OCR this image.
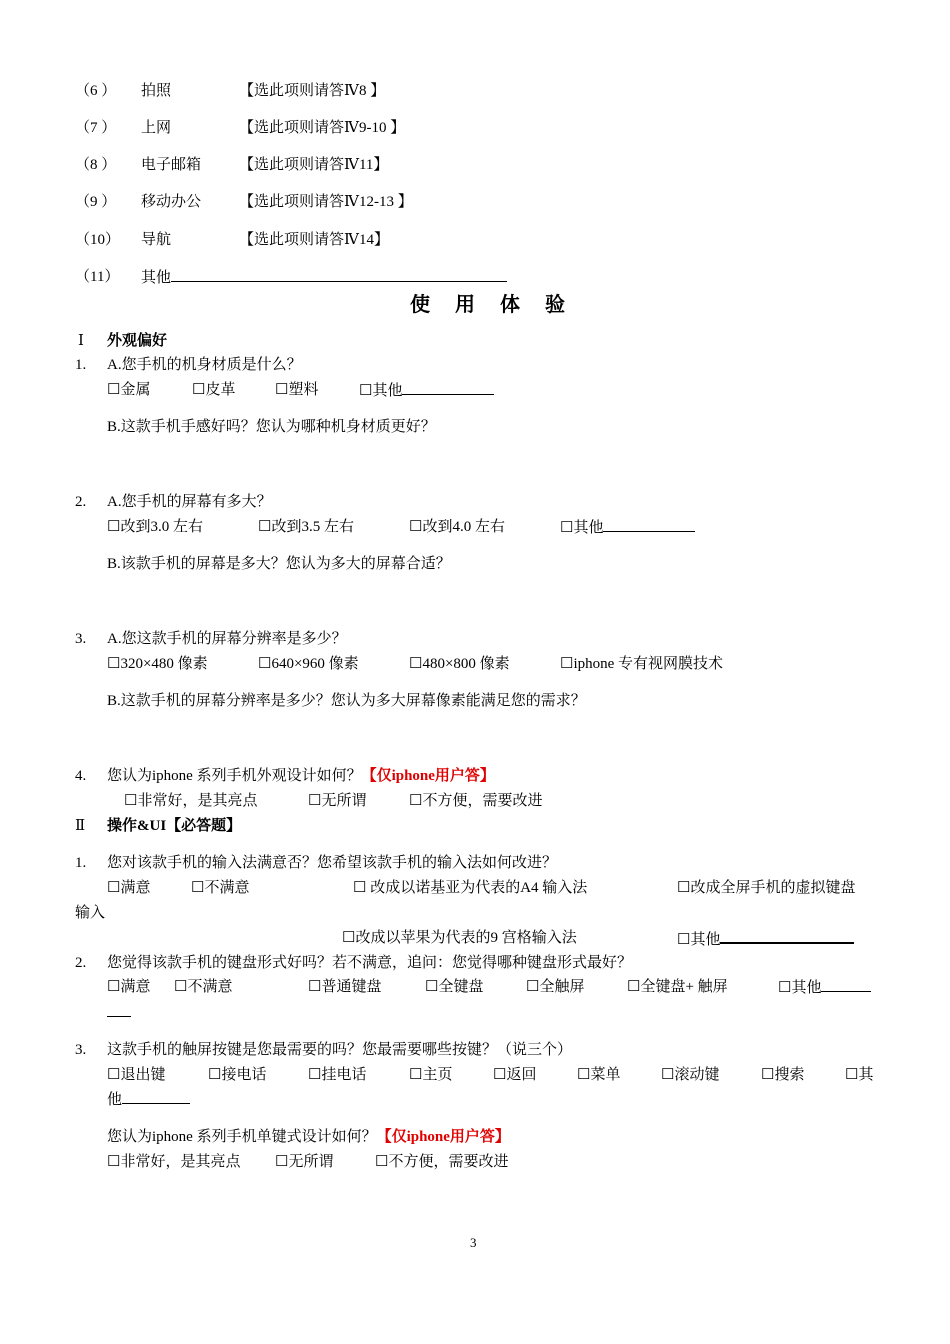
（6 ） 拍照	【选此项则请答Ⅳ8 】
（7 ） 上网	【选此项则请答Ⅳ9-10 】
（8 ） 电子邮箱	【选此项则请答Ⅳ11】
（9 ） 移动办公	【选此项则请答Ⅳ12-13 】
（10） 导航	【选此项则请答Ⅳ14】
（11） 其他
使 用 体 验
Ⅰ 外观偏好
1. A.您手机的机身材质是什么？
☐金属	☐皮革	☐塑料	☐其他
B.这款手机手感好吗？您认为哪种机身材质更好？
2. A.您手机的屏幕有多大？
☐改到3.0 左右	☐改到3.5 左右	☐改到4.0 左右	☐其他
B.该款手机的屏幕是多大？您认为多大的屏幕合适？
3. A.您这款手机的屏幕分辨率是多少？
☐320×480 像素	☐640×960 像素	☐480×800 像素	☐iphone 专有视网膜技术
B.这款手机的屏幕分辨率是多少？您认为多大屏幕像素能满足您的需求？
4. 您认为iphone 系列手机外观设计如何？【仅iphone用户答】
☐非常好，是其亮点	☐无所谓	☐不方便，需要改进
Ⅱ 操作&UI【必答题】
1. 您对该款手机的输入法满意否？您希望该款手机的输入法如何改进？
☐满意	☐不满意	☐ 改成以诺基亚为代表的A4 输入法	☐改成全屏手机的虚拟键盘
输入
☐改成以苹果为代表的9 宫格输入法	☐其他
2. 您觉得该款手机的键盘形式好吗？若不满意，追问：您觉得哪种键盘形式最好？
☐满意 ☐不满意	☐普通键盘	☐全键盘	☐全触屏	☐全键盘+ 触屏	☐其他
3. 这款手机的触屏按键是您最需要的吗？您最需要哪些按键？（说三个）
☐退出键	☐接电话	☐挂电话	☐主页	☐返回	☐菜单	☐滚动键	☐搜索	☐其
他
您认为iphone 系列手机单键式设计如何？【仅iphone用户答】
☐非常好，是其亮点 ☐无所谓	☐不方便，需要改进
3
